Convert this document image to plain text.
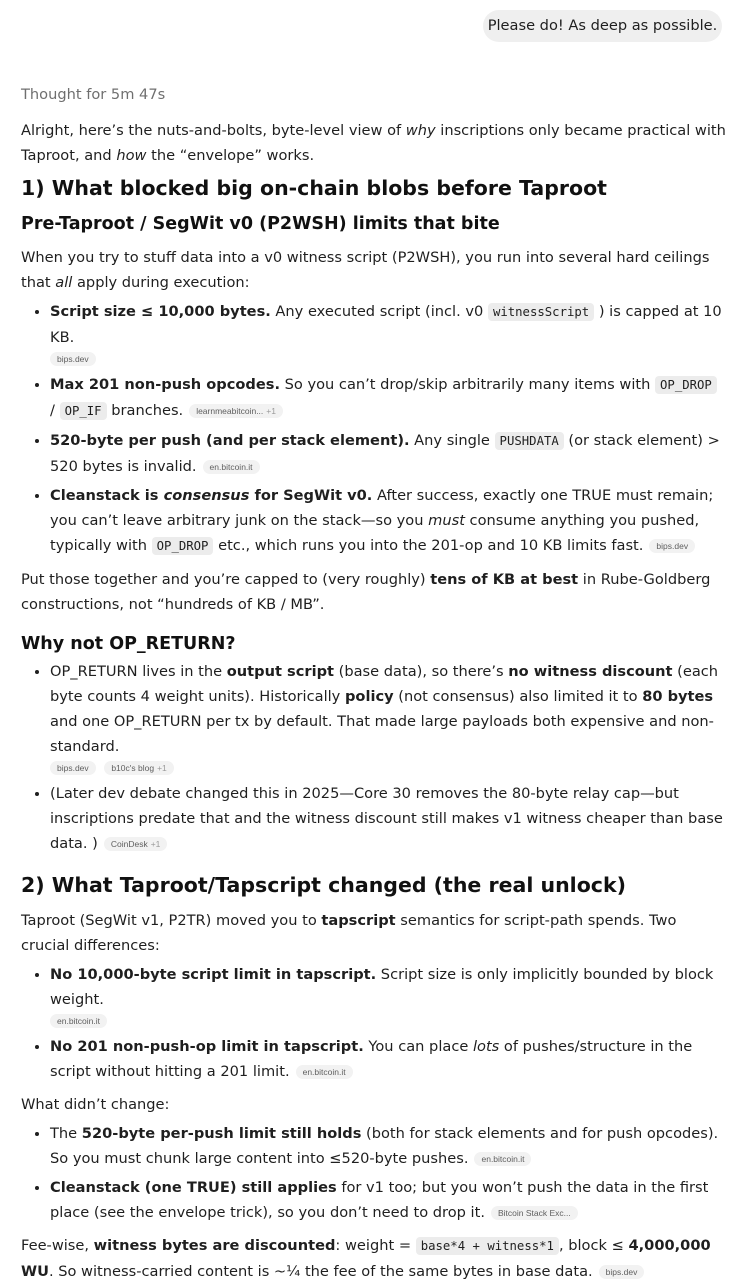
Please do! As deep as possible.
Thought for 5m 47s

Alright, here’s the nuts-and-bolts, byte-level view of why inscriptions only became practical with Taproot, and how the “envelope” works.

1) What blocked big on-chain blobs before Taproot
Pre-Taproot / SegWit v0 (P2WSH) limits that bite

When you try to stuff data into a v0 witness script (P2WSH), you run into several hard ceilings that all apply during execution:

• Script size ≤ 10,000 bytes. Any executed script (incl. v0 witnessScript ) is capped at 10 KB.
bips.dev
• Max 201 non-push opcodes. So you can’t drop/skip arbitrarily many items with OP_DROP / OP_IF branches. learnmeabitcoin... +1
• 520-byte per push (and per stack element). Any single PUSHDATA (or stack element) > 520 bytes is invalid. en.bitcoin.it
• Cleanstack is consensus for SegWit v0. After success, exactly one TRUE must remain; you can’t leave arbitrary junk on the stack—so you must consume anything you pushed, typically with OP_DROP etc., which runs you into the 201-op and 10 KB limits fast. bips.dev

Put those together and you’re capped to (very roughly) tens of KB at best in Rube-Goldberg constructions, not “hundreds of KB / MB”.

Why not OP_RETURN?
• OP_RETURN lives in the output script (base data), so there’s no witness discount (each byte counts 4 weight units). Historically policy (not consensus) also limited it to 80 bytes and one OP_RETURN per tx by default. That made large payloads both expensive and non-standard.
bips.dev	b10c's blog +1
• (Later dev debate changed this in 2025—Core 30 removes the 80-byte relay cap—but inscriptions predate that and the witness discount still makes v1 witness cheaper than base data. ) CoinDesk +1
2) What Taproot/Tapscript changed (the real unlock)

Taproot (SegWit v1, P2TR) moved you to tapscript semantics for script-path spends. Two crucial differences:

• No 10,000-byte script limit in tapscript. Script size is only implicitly bounded by block weight.
en.bitcoin.it
• No 201 non-push-op limit in tapscript. You can place lots of pushes/structure in the script without hitting a 201 limit. en.bitcoin.it

What didn’t change:

• The 520-byte per-push limit still holds (both for stack elements and for push opcodes). So you must chunk large content into ≤520-byte pushes. en.bitcoin.it
• Cleanstack (one TRUE) still applies for v1 too; but you won’t push the data in the first place (see the envelope trick), so you don’t need to drop it. Bitcoin Stack Exc...

Fee-wise, witness bytes are discounted: weight = base*4 + witness*1 , block ≤ 4,000,000 WU. So witness-carried content is ~¼ the fee of the same bytes in base data. bips.dev
